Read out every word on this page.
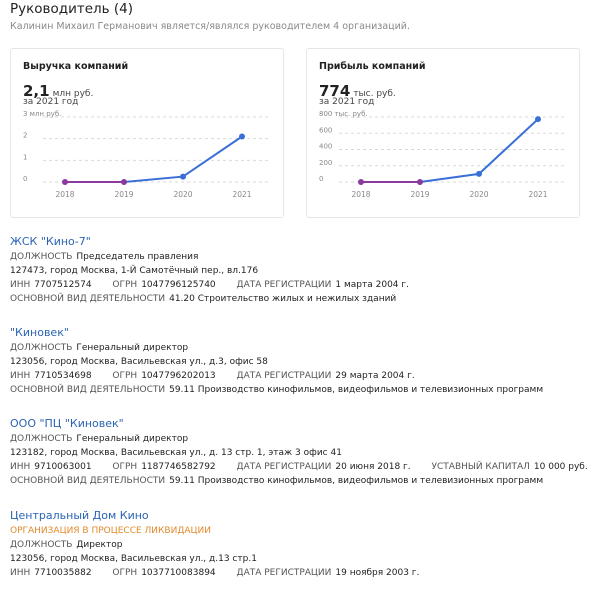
Руководитель (4)
Калинин Михаил Германович является/являлся руководителем 4 организаций.
Выручка компаний
2,1 млн руб.
за 2021 год
3 млн руб.
2
1
0
2018	2019	2020	2021
Прибыль компаний
774 тыс. руб.
за 2021 год
800 тыс. руб.
600
400
200
0
2018	2019	2020	2021
ЖСК "Кино-7"
ДОЛЖНОСТЬ Председатель правления
127473, город Москва, 1-Й Самотёчный пер., вл.176
ИНН 7707512574 ОГРН 1047796125740 ДАТА РЕГИСТРАЦИИ 1 марта 2004 г.
ОСНОВНОЙ ВИД ДЕЯТЕЛЬНОСТИ 41.20 Строительство жилых и нежилых зданий
"Киновек"
ДОЛЖНОСТЬ Генеральный директор
123056, город Москва, Васильевская ул., д.3, офис 58
ИНН 7710534698 ОГРН 1047796202013 ДАТА РЕГИСТРАЦИИ 29 марта 2004 г.
ОСНОВНОЙ ВИД ДЕЯТЕЛЬНОСТИ 59.11 Производство кинофильмов, видеофильмов и телевизионных программ
ООО "ПЦ "Киновек"
ДОЛЖНОСТЬ Генеральный директор
123182, город Москва, Васильевская ул., д. 13 стр. 1, этаж 3 офис 41
ИНН 9710063001 ОГРН 1187746582792 ДАТА РЕГИСТРАЦИИ 20 июня 2018 г. УСТАВНЫЙ КАПИТАЛ 10 000 руб.
ОСНОВНОЙ ВИД ДЕЯТЕЛЬНОСТИ 59.11 Производство кинофильмов, видеофильмов и телевизионных программ
Центральный Дом Кино
ОРГАНИЗАЦИЯ В ПРОЦЕССЕ ЛИКВИДАЦИИ
ДОЛЖНОСТЬ Директор
123056, город Москва, Васильевская ул., д.13 стр.1
ИНН 7710035882 ОГРН 1037710083894 ДАТА РЕГИСТРАЦИИ 19 ноября 2003 г.
